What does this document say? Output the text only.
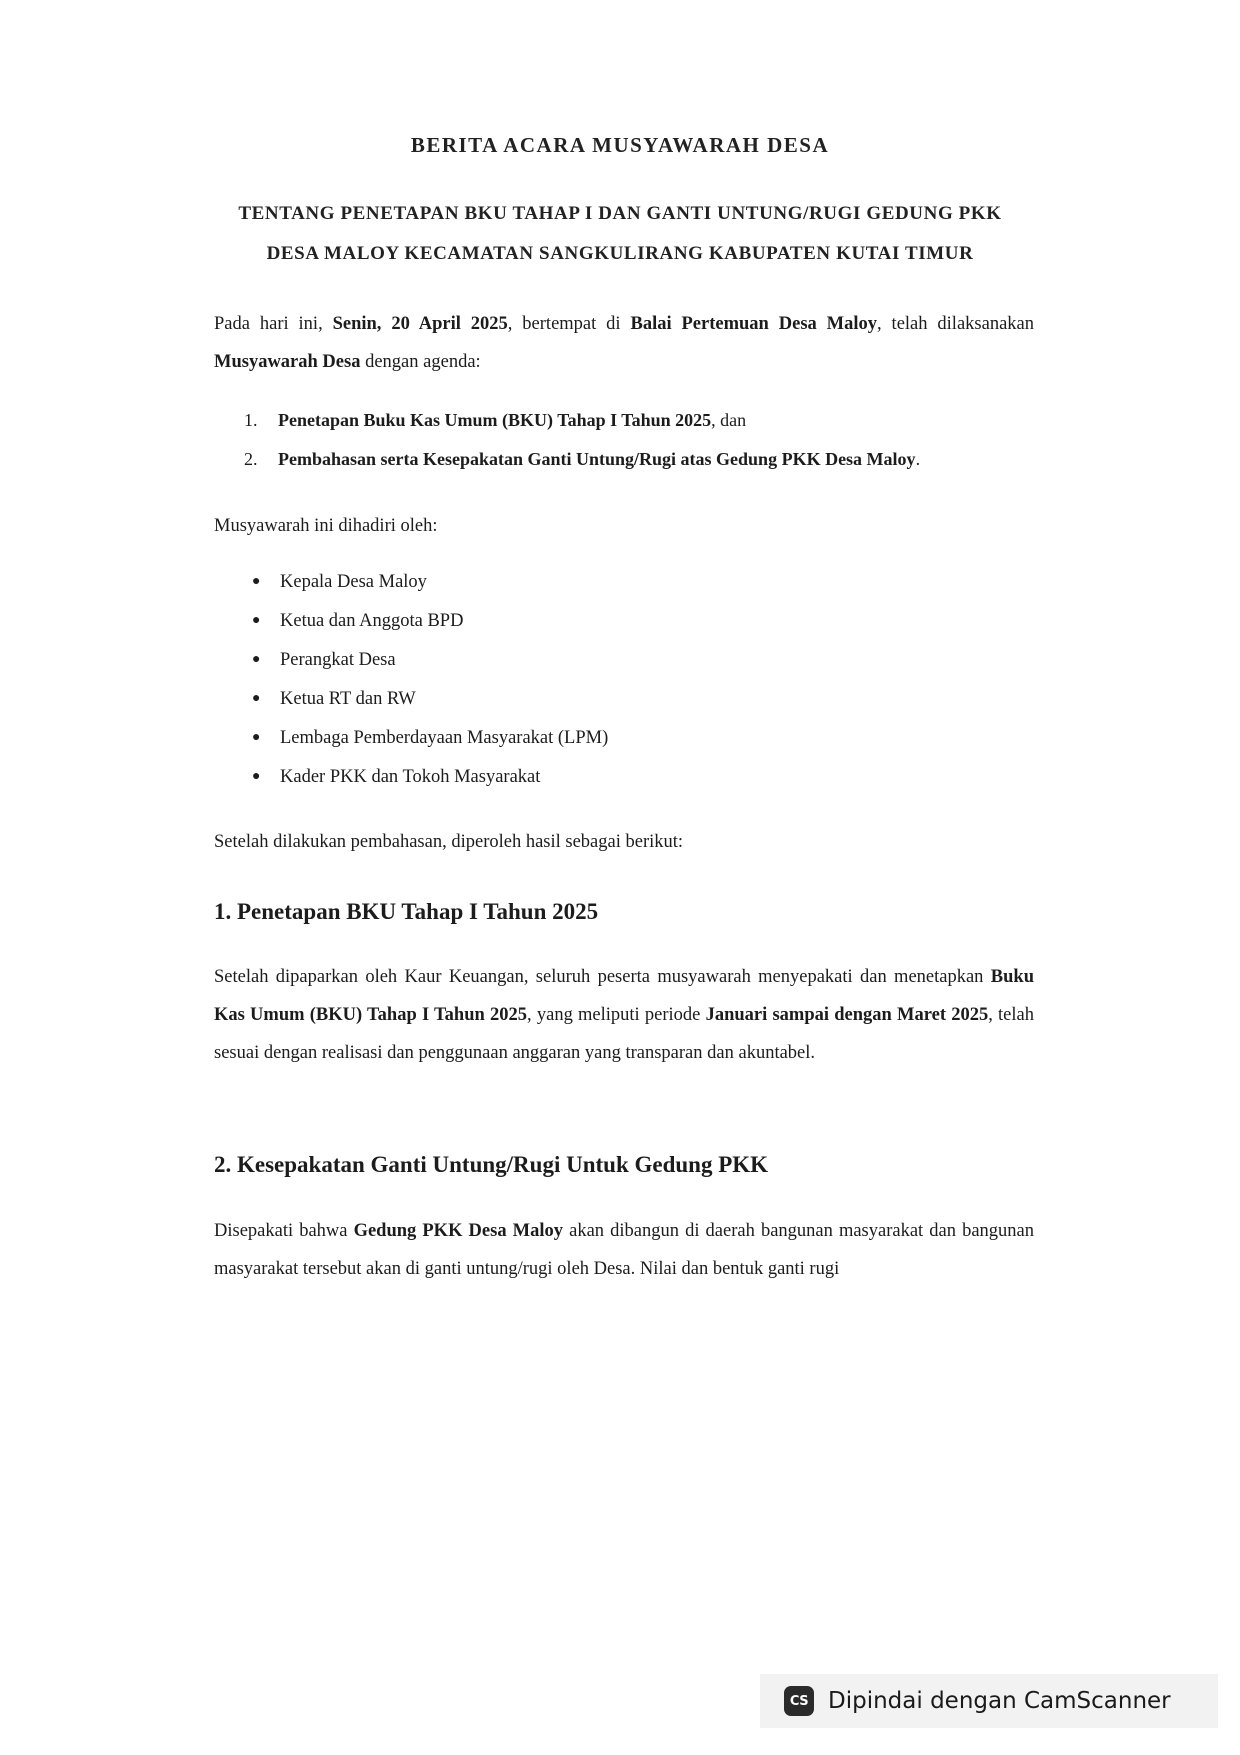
BERITA ACARA MUSYAWARAH DESA
TENTANG PENETAPAN BKU TAHAP I DAN GANTI UNTUNG/RUGI GEDUNG PKK
DESA MALOY KECAMATAN SANGKULIRANG KABUPATEN KUTAI TIMUR
Pada hari ini, Senin, 20 April 2025, bertempat di Balai Pertemuan Desa Maloy, telah dilaksanakan Musyawarah Desa dengan agenda:
1. Penetapan Buku Kas Umum (BKU) Tahap I Tahun 2025, dan
2. Pembahasan serta Kesepakatan Ganti Untung/Rugi atas Gedung PKK Desa Maloy.
Musyawarah ini dihadiri oleh:
● Kepala Desa Maloy
● Ketua dan Anggota BPD
● Perangkat Desa
● Ketua RT dan RW
● Lembaga Pemberdayaan Masyarakat (LPM)
● Kader PKK dan Tokoh Masyarakat
Setelah dilakukan pembahasan, diperoleh hasil sebagai berikut:
1. Penetapan BKU Tahap I Tahun 2025
Setelah dipaparkan oleh Kaur Keuangan, seluruh peserta musyawarah menyepakati dan menetapkan Buku Kas Umum (BKU) Tahap I Tahun 2025, yang meliputi periode Januari sampai dengan Maret 2025, telah sesuai dengan realisasi dan penggunaan anggaran yang transparan dan akuntabel.
2. Kesepakatan Ganti Untung/Rugi Untuk Gedung PKK
Disepakati bahwa Gedung PKK Desa Maloy akan dibangun di daerah bangunan masyarakat dan bangunan masyarakat tersebut akan di ganti untung/rugi oleh Desa. Nilai dan bentuk ganti rugi
CS Dipindai dengan CamScanner
